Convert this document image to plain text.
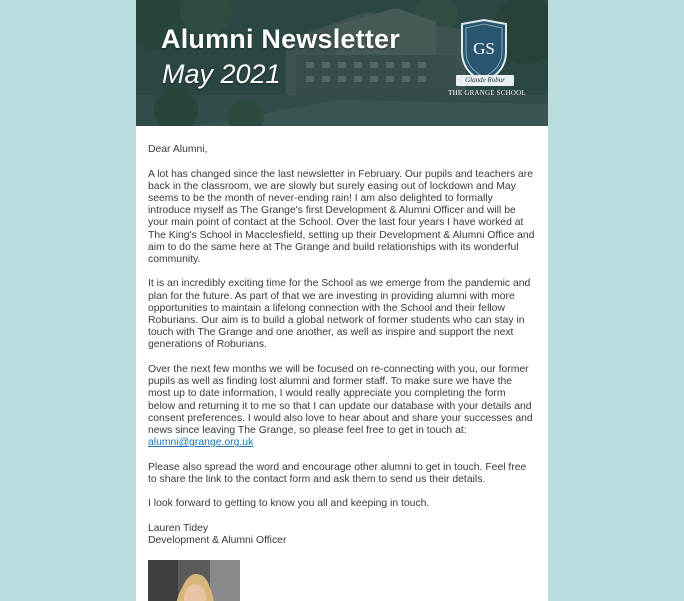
Alumni Newsletter
May 2021
GS
Glande Robur
THE GRANGE SCHOOL

Dear Alumni,

A lot has changed since the last newsletter in February. Our pupils and teachers are back in the classroom, we are slowly but surely easing out of lockdown and May seems to be the month of never-ending rain! I am also delighted to formally introduce myself as The Grange's first Development & Alumni Officer and will be your main point of contact at the School. Over the last four years I have worked at The King's School in Macclesfield, setting up their Development & Alumni Office and aim to do the same here at The Grange and build relationships with its wonderful community.

It is an incredibly exciting time for the School as we emerge from the pandemic and plan for the future. As part of that we are investing in providing alumni with more opportunities to maintain a lifelong connection with the School and their fellow Roburians. Our aim is to build a global network of former students who can stay in touch with The Grange and one another, as well as inspire and support the next generations of Roburians.

Over the next few months we will be focused on re-connecting with you, our former pupils as well as finding lost alumni and former staff. To make sure we have the most up to date information, I would really appreciate you completing the form below and returning it to me so that I can update our database with your details and consent preferences. I would also love to hear about and share your successes and news since leaving The Grange, so please feel free to get in touch at: alumni@grange.org.uk

Please also spread the word and encourage other alumni to get in touch. Feel free to share the link to the contact form and ask them to send us their details.

I look forward to getting to know you all and keeping in touch.

Lauren Tidey
Development & Alumni Officer
